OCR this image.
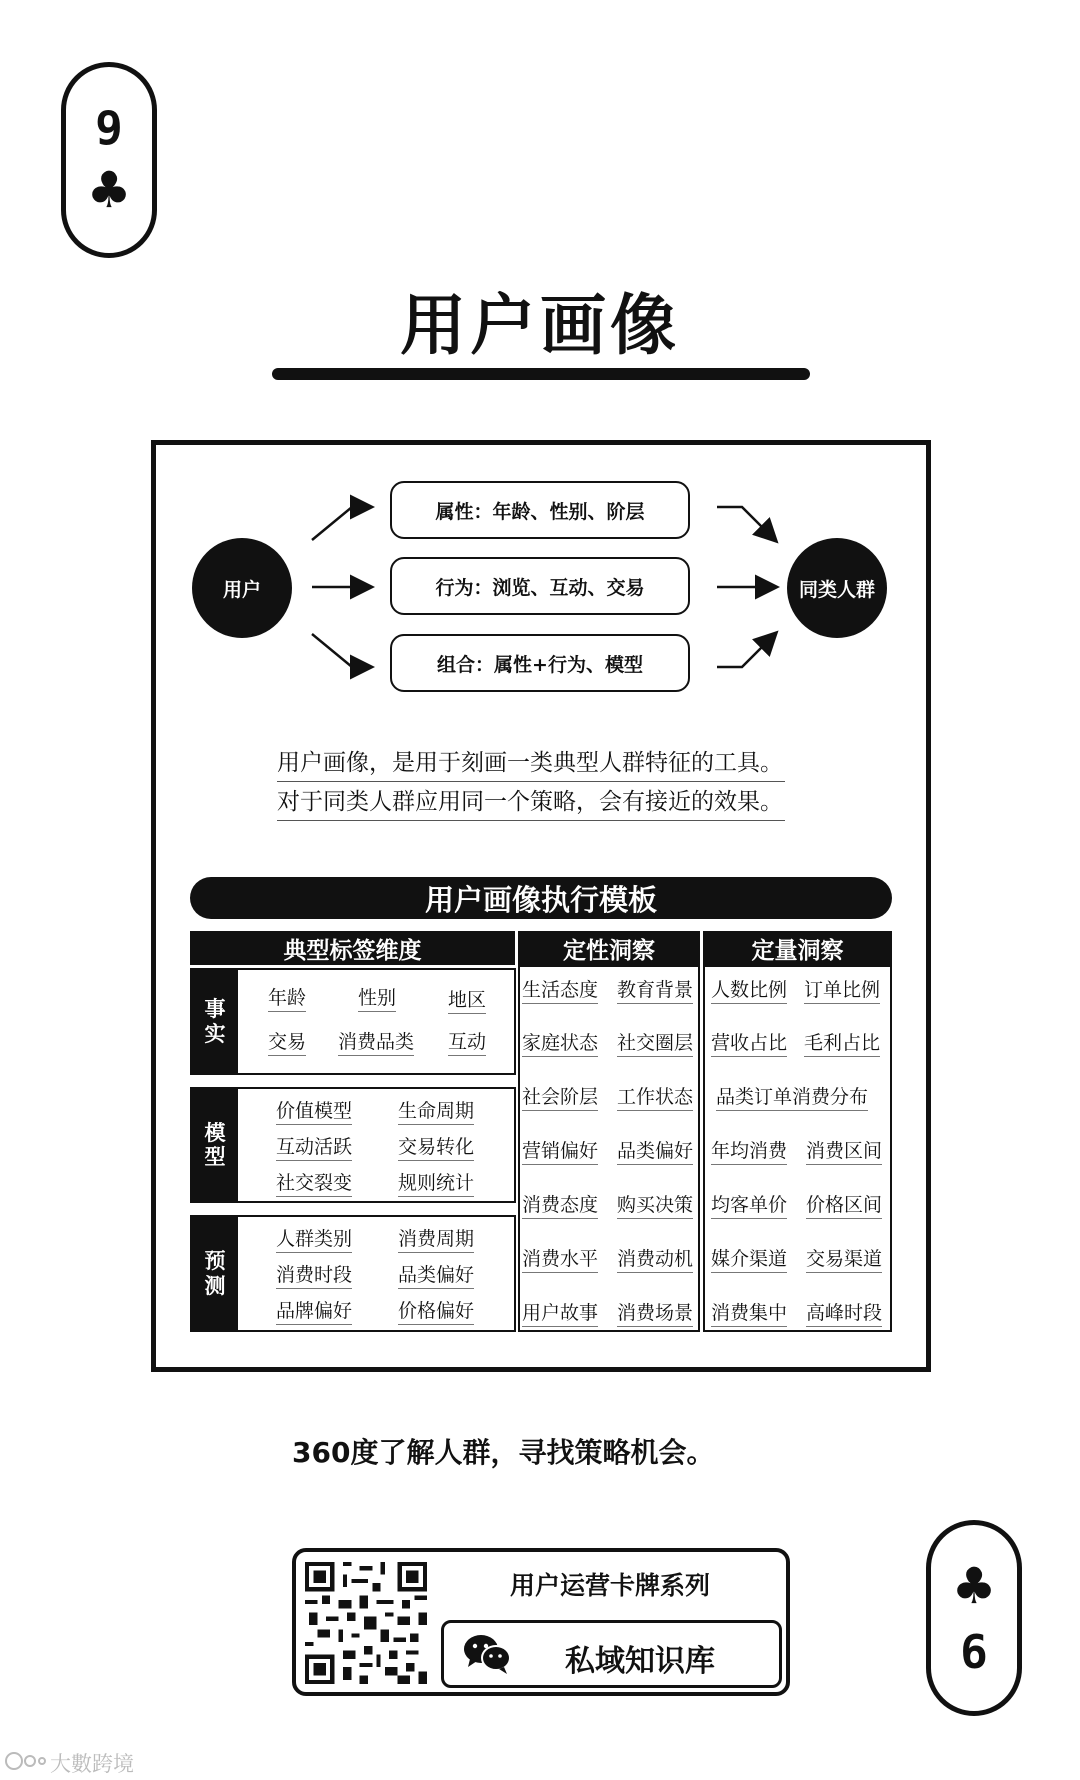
9
♣
♣
6
用户画像
用户	同类人群
属性：年龄、性别、阶层
行为：浏览、互动、交易
组合：属性+行为、模型
用户画像，是用于刻画一类典型人群特征的工具。
对于同类人群应用同一个策略，会有接近的效果。
用户画像执行模板
典型标签维度	定性洞察	定量洞察
事实
年龄	性别	地区
交易 消费品类 互动
模型
价值模型 生命周期
互动活跃 交易转化
社交裂变 规则统计
预测
人群类别 消费周期
消费时段 品类偏好
品牌偏好 价格偏好
生活态度 教育背景
家庭状态 社交圈层
社会阶层 工作状态
营销偏好 品类偏好
消费态度 购买决策
消费水平 消费动机
用户故事 消费场景
人数比例 订单比例
营收占比 毛利占比
品类订单消费分布
年均消费 消费区间
均客单价 价格区间
媒介渠道 交易渠道
消费集中 高峰时段
360度了解人群，寻找策略机会。
用户运营卡牌系列
私域知识库
大數跨境
